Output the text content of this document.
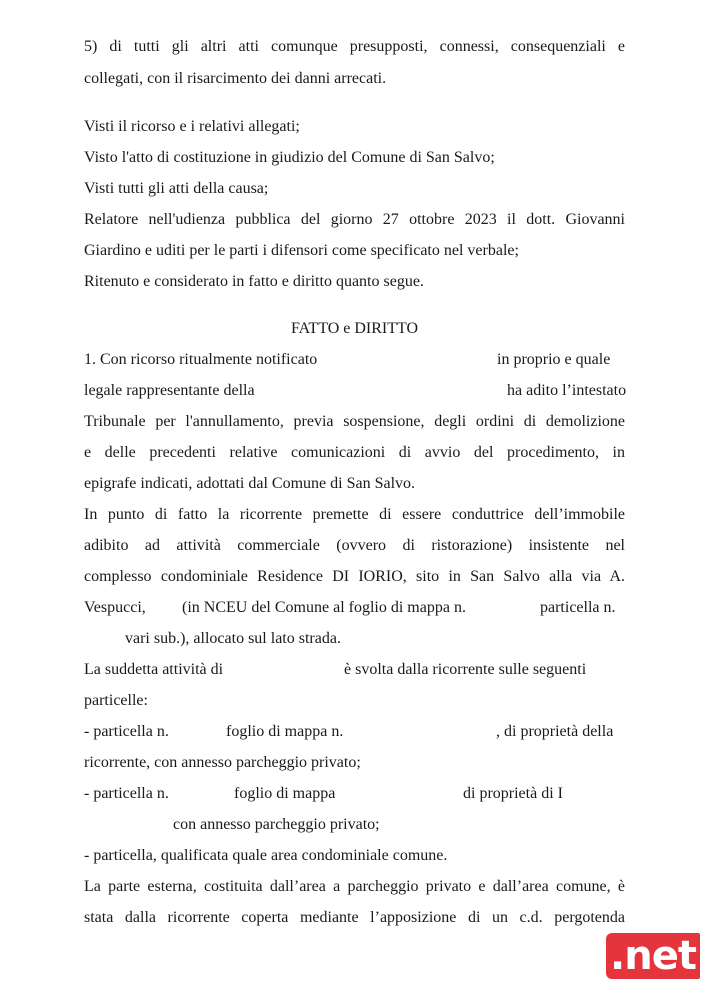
5) di tutti gli altri atti comunque presupposti, connessi, consequenziali e
collegati, con il risarcimento dei danni arrecati.
Visti il ricorso e i relativi allegati;
Visto l'atto di costituzione in giudizio del Comune di San Salvo;
Visti tutti gli atti della causa;
Relatore nell'udienza pubblica del giorno 27 ottobre 2023 il dott. Giovanni
Giardino e uditi per le parti i difensori come specificato nel verbale;
Ritenuto e considerato in fatto e diritto quanto segue.
FATTO e DIRITTO
1. Con ricorso ritualmente notificato	in proprio e quale
legale rappresentante della	ha adito l’intestato
Tribunale per l'annullamento, previa sospensione, degli ordini di demolizione
e delle precedenti relative comunicazioni di avvio del procedimento, in
epigrafe indicati, adottati dal Comune di San Salvo.
In punto di fatto la ricorrente premette di essere conduttrice dell’immobile
adibito ad attività commerciale (ovvero di ristorazione) insistente nel
complesso condominiale Residence DI IORIO, sito in San Salvo alla via A.
Vespucci, (in NCEU del Comune al foglio di mappa n.	particella n.
vari sub.), allocato sul lato strada.
La suddetta attività di	è svolta dalla ricorrente sulle seguenti
particelle:
- particella n.	foglio di mappa n.	, di proprietà della
ricorrente, con annesso parcheggio privato;
- particella n.	foglio di mappa	di proprietà di I
con annesso parcheggio privato;
- particella, qualificata quale area condominiale comune.
La parte esterna, costituita dall’area a parcheggio privato e dall’area comune, è
stata dalla ricorrente coperta mediante l’apposizione di un c.d. pergotenda
.net
